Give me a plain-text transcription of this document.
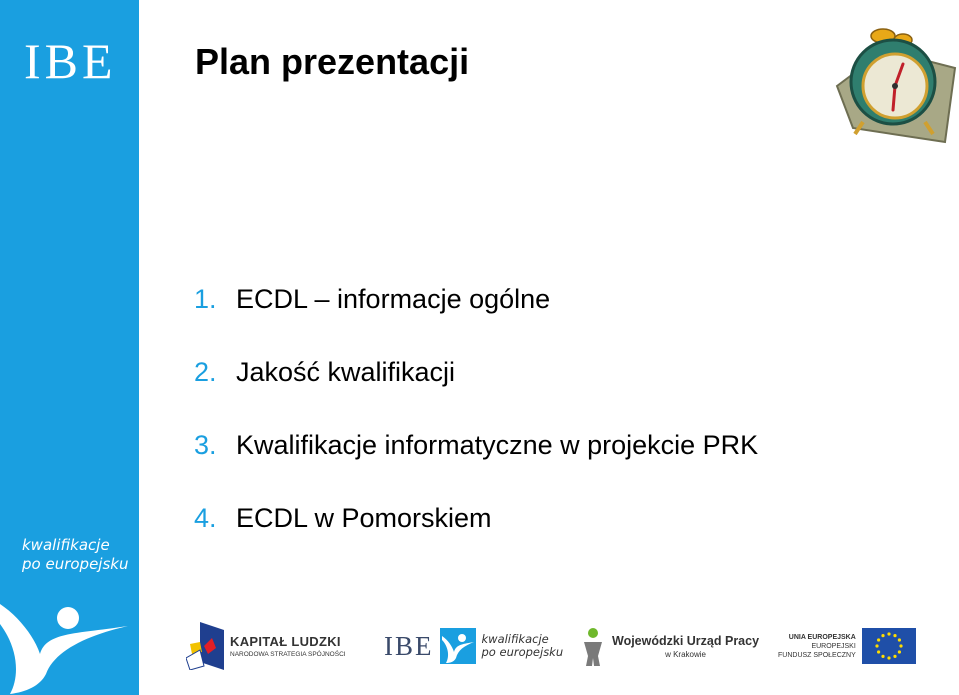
IBE
kwalifikacje
po europejsku
Plan prezentacji
1. ECDL – informacje ogólne
2. Jakość kwalifikacji
3. Kwalifikacje informatyczne w projekcie PRK
4. ECDL w Pomorskiem
KAPITAŁ LUDZKI
NARODOWA STRATEGIA SPÓJNOŚCI IBE	kwalifikacje
po europejsku
Wojewódzki Urząd Pracy
w Krakowie
UNIA EUROPEJSKA
EUROPEJSKI
FUNDUSZ SPOŁECZNY
